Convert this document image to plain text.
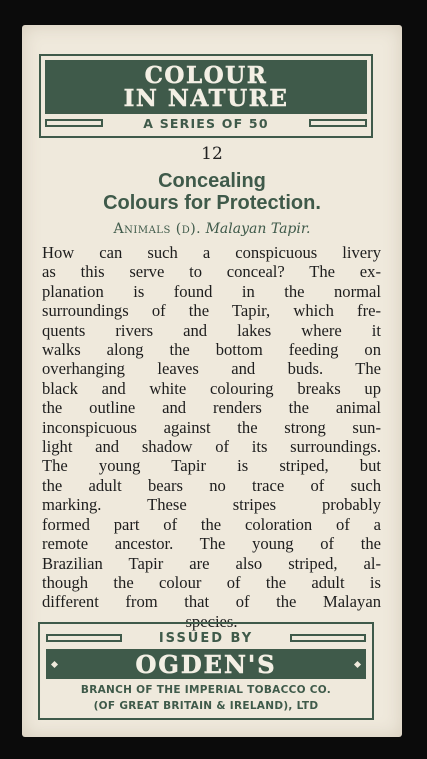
COLOUR
IN NATURE
A SERIES OF 50
12
Concealing
Colours for Protection.
Animals (d). Malayan Tapir.
How can such a conspicuous livery
as this serve to conceal? The ex-
planation is found in the normal
surroundings of the Tapir, which fre-
quents rivers and lakes where it
walks along the bottom feeding on
overhanging leaves and buds. The
black and white colouring breaks up
the outline and renders the animal
inconspicuous against the strong sun-
light and shadow of its surroundings.
The young Tapir is striped, but
the adult bears no trace of such
marking. These stripes probably
formed part of the coloration of a
remote ancestor. The young of the
Brazilian Tapir are also striped, al-
though the colour of the adult is
different from that of the Malayan
species.
ISSUED BY
OGDEN'S
BRANCH OF THE IMPERIAL TOBACCO CO.
(OF GREAT BRITAIN & IRELAND), LTD
